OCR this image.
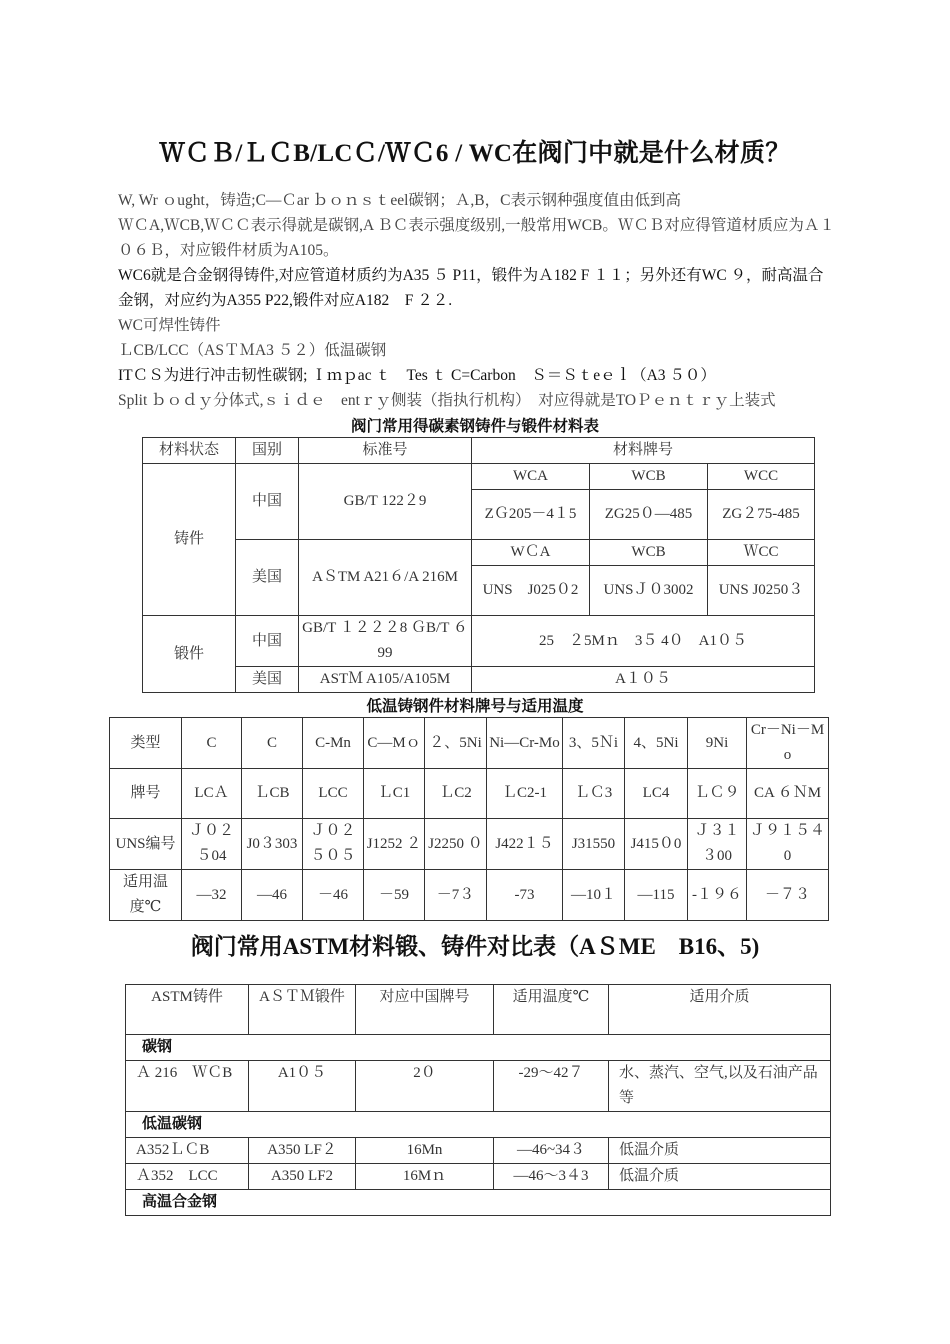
ＷＣＢ/ＬＣB/LCＣ/ＷＣ6 / WC在阀门中就是什么材质？

W, Wr ｏught，铸造;C—Ｃar ｂｏｎｓｔeel碳钢；Ａ,B，C表示钢种强度值由低到高

ＷＣA,ＷCB,ＷＣＣ表示得就是碳钢,A ＢＣ表示强度级别,一般常用WCB。ＷＣＢ对应得管道材质应为Ａ１０６Ｂ，对应锻件材质为A105。

WC6就是合金钢得铸件,对应管道材质约为A35 ５ P11，锻件为Ａ182 F １１；另外还有WC ９，耐高温合金钢，对应约为A355 P22,锻件对应A182　F ２２.

WC可焊性铸件

ＬCB/LCC（ASＴＭA3 ５２）低温碳钢

ITＣＳ为进行冲击韧性碳钢; Ｉｍｐac ｔ　Tes ｔ C=Carbon　Ｓ＝Ｓｔeｅｌ（A3 ５０）

Split ｂｏｄｙ分体式,ｓｉｄｅ　entｒｙ侧装（指执行机构）　对应得就是TOＰｅｎｔｒｙ上装式

阀门常用得碳素钢铸件与锻件材料表
材料状态	国别	标准号	材料牌号		
铸件	中国	GB/T 122２9	WCA	WCB	WCC
			ZＧ205－4１5	ZG25０—485	ZG２75-485
	美国	AＳTM A21６/A 216M	WＣA	WCB	ＷCC
			UNS　J025０2	UNSＪ０3002	UNS J0250３
锻件	中国	GB/T １２２２8 ＧB/T ６99	25　２5Mｎ　3５ 4０　A1０５		
	美国	ASTＭ A105/A105M	A１０５		
低温铸钢件材料牌号与适用温度
类型	C	C	C-Mn	C—Mｏ	２、5Ni	Ni—Cr-Mo	3、5Ｎi	4、5Ni	9Ni	Cr－Ni－Mo
牌号	LCＡ	ＬCB	LCC	ＬC1	ＬC2	ＬC2-1	ＬＣ3	LC4	ＬＣ９	CA ６ＮM
UNS编号	Ｊ０２５04	J0３303	Ｊ０２５０５	J1252 ２	J2250 ０	J422１５	J31550	J415０0	Ｊ３１３00	Ｊ９１５４0
适用温度℃	—32	—46	－46	－59	－7３	-73	—10１	—115	-１９６	－７３
阀门常用ASTM材料锻、铸件对比表（AＳME　B16、5)
ASTM铸件	AＳＴＭ锻件	对应中国牌号	适用温度℃	适用介质
碳钢				
Ａ 216　ＷＣB	A1０５	2０	-29～42７	水、蒸汽、空气,以及石油产品等
低温碳钢				
A352ＬＣB	A350 LF２	16Mn	—46~34３	低温介质
Ａ352　LCC	A350 LF2	16Mｎ	—46～3４3	低温介质
高温合金钢				
